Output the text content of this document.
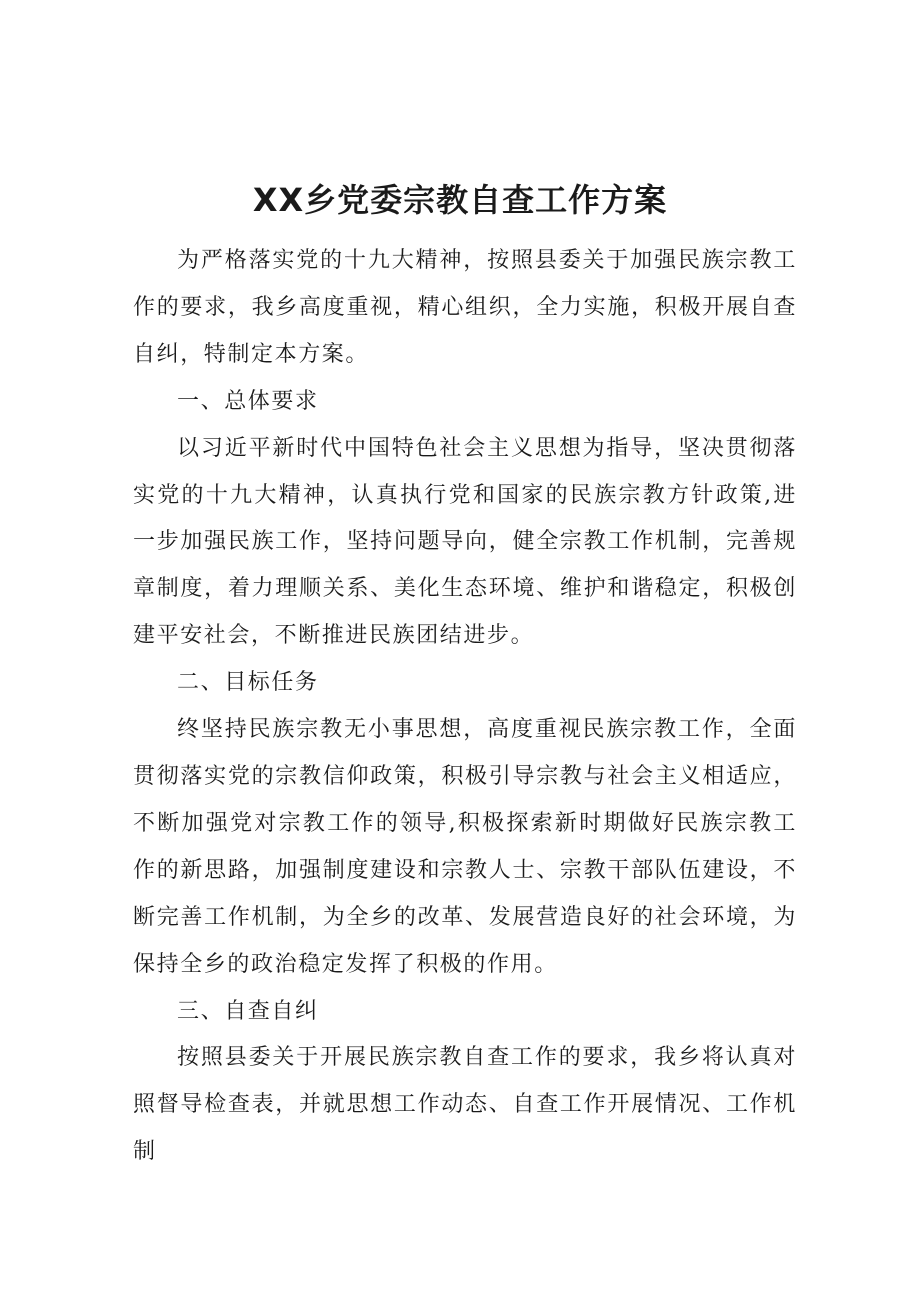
XX乡党委宗教自查工作方案

为严格落实党的十九大精神，按照县委关于加强民族宗教工作的要求，我乡高度重视，精心组织，全力实施，积极开展自查自纠，特制定本方案。

一、总体要求

以习近平新时代中国特色社会主义思想为指导，坚决贯彻落实党的十九大精神，认真执行党和国家的民族宗教方针政策,进一步加强民族工作，坚持问题导向，健全宗教工作机制，完善规章制度，着力理顺关系、美化生态环境、维护和谐稳定，积极创建平安社会，不断推进民族团结进步。

二、目标任务

终坚持民族宗教无小事思想，高度重视民族宗教工作，全面贯彻落实党的宗教信仰政策，积极引导宗教与社会主义相适应，不断加强党对宗教工作的领导,积极探索新时期做好民族宗教工作的新思路，加强制度建设和宗教人士、宗教干部队伍建设，不断完善工作机制，为全乡的改革、发展营造良好的社会环境，为保持全乡的政治稳定发挥了积极的作用。

三、自查自纠

按照县委关于开展民族宗教自查工作的要求，我乡将认真对照督导检查表，并就思想工作动态、自查工作开展情况、工作机制
